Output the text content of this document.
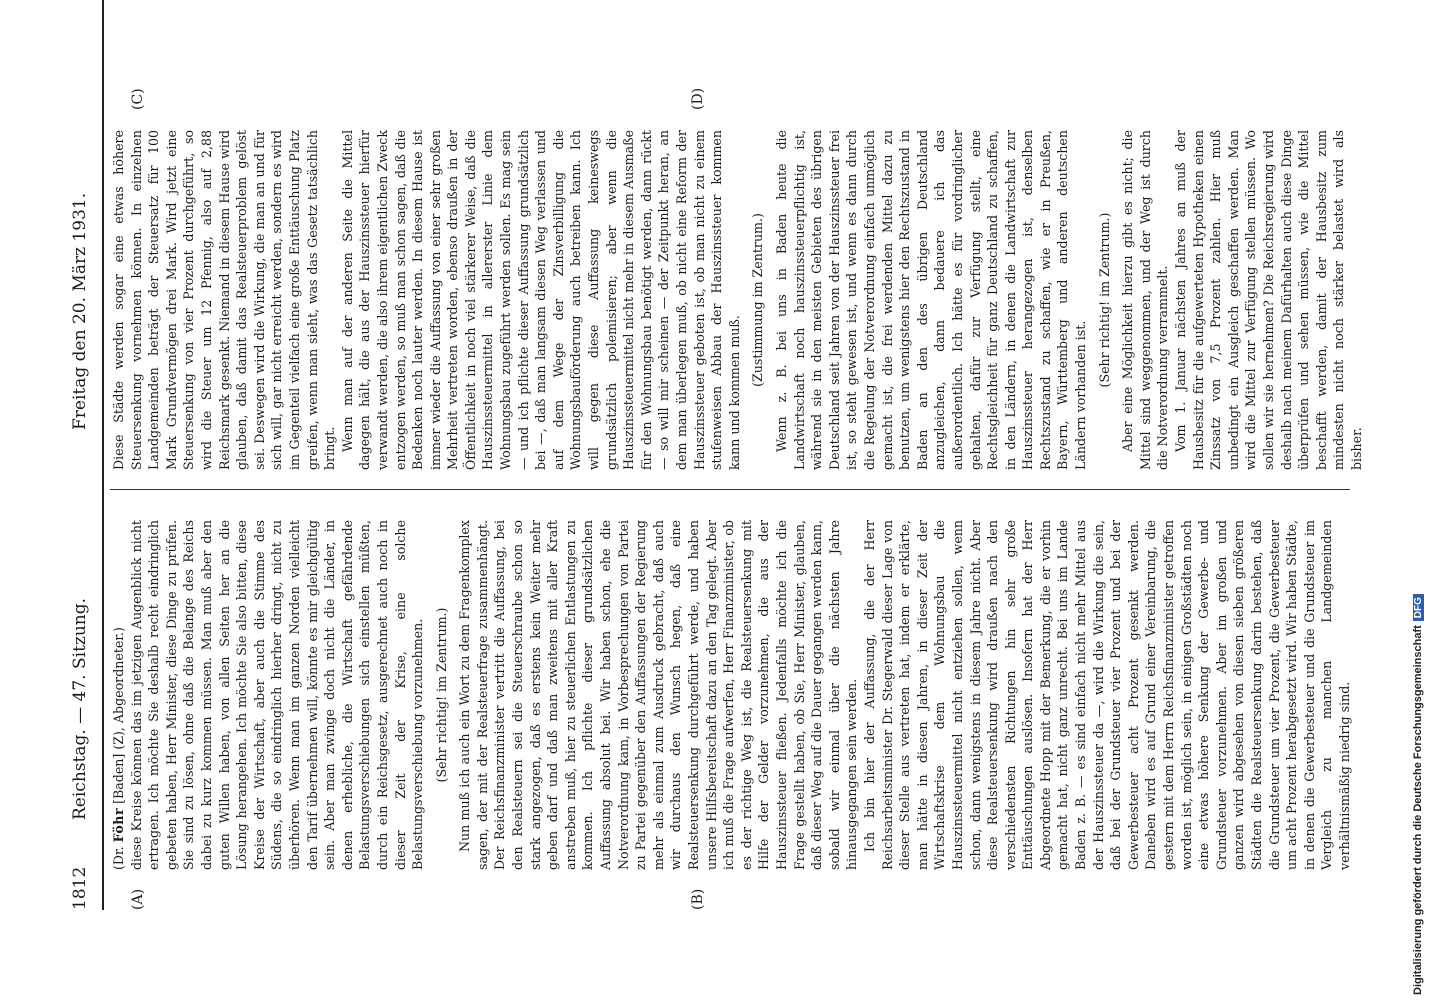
1812
Reichstag. — 47. Sitzung.
Freitag den 20. März 1931.
(A)	(B)
(C)	(D)

(Dr. Föhr [Baden] (Z), Abgeordneter.) diese Kreise können das im jetzigen Augenblick nicht ertragen. Ich möchte Sie deshalb recht eindringlich gebeten haben, Herr Minister, diese Dinge zu prüfen. Sie sind zu lösen, ohne daß die Belange des Reichs dabei zu kurz kommen müssen. Man muß aber den guten Willen haben, von allen Seiten her an die Lösung herangehen. Ich möchte Sie also bitten, diese Kreise der Wirtschaft, aber auch die Stimme des Südens, die so eindringlich hierher dringt, nicht zu überhören. Wenn man im ganzen Norden vielleicht den Tarif übernehmen will, könnte es mir gleichgültig sein. Aber man zwinge doch nicht die Länder, in denen erhebliche, die Wirtschaft gefährdende Belastungsverschiebungen sich einstellen müßten, durch ein Reichsgesetz, ausgerechnet auch noch in dieser Zeit der Krise, eine solche Belastungsverschiebung vorzunehmen. (Sehr richtig! im Zentrum.) Nun muß ich auch ein Wort zu dem Fragenkomplex sagen, der mit der Realsteuerfrage zusammenhängt. Der Reichsfinanzminister vertritt die Auffassung, bei den Realsteuern sei die Steuerschraube schon so stark angezogen, daß es erstens kein Weiter mehr geben darf und daß man zweitens mit aller Kraft anstreben muß, hier zu steuerlichen Entlastungen zu kommen. Ich pflichte dieser grundsätzlichen Auffassung absolut bei. Wir haben schon, ehe die Notverordnung kam, in Vorbesprechungen von Partei zu Partei gegenüber den Auffassungen der Regierung mehr als einmal zum Ausdruck gebracht, daß auch wir durchaus den Wunsch hegen, daß eine Realsteuersenkung durchgeführt werde, und haben unsere Hilfsbereitschaft dazu an den Tag gelegt. Aber ich muß die Frage aufwerfen, Herr Finanzminister, ob es der richtige Weg ist, die Realsteuersenkung mit Hilfe der Gelder vorzunehmen, die aus der Hauszinssteuer fließen. Jedenfalls möchte ich die Frage gestellt haben, ob Sie, Herr Minister, glauben, daß dieser Weg auf die Dauer gegangen werden kann, sobald wir einmal über die nächsten Jahre hinausgegangen sein werden. Ich bin hier der Auffassung, die der Herr Reichsarbeitsminister Dr. Stegerwald dieser Lage von dieser Stelle aus vertreten hat, indem er erklärte, man hätte in diesen Jahren, in dieser Zeit der Wirtschaftskrise dem Wohnungsbau die Hauszinssteuermittel nicht entziehen sollen, wenn schon, dann wenigstens in diesem Jahre nicht. Aber diese Realsteuersenkung wird draußen nach den verschiedensten Richtungen hin sehr große Enttäuschungen auslösen. Insofern hat der Herr Abgeordnete Hopp mit der Bemerkung, die er vorhin gemacht hat, nicht ganz unrecht. Bei uns im Lande Baden z. B. — es sind einfach nicht mehr Mittel aus der Hauszinssteuer da —, wird die Wirkung die sein, daß bei der Grundsteuer vier Prozent und bei der Gewerbesteuer acht Prozent gesenkt werden. Daneben wird es auf Grund einer Vereinbarung, die gestern mit dem Herrn Reichsfinanzminister getroffen worden ist, möglich sein, in einigen Großstädten noch eine etwas höhere Senkung der Gewerbe- und Grundsteuer vorzunehmen. Aber im großen und ganzen wird abgesehen von diesen sieben größeren Städten die Realsteuersenkung darin bestehen, daß die Grundsteuer um vier Prozent, die Gewerbesteuer um acht Prozent herabgesetzt wird. Wir haben Städte, in denen die Gewerbesteuer und die Grundsteuer im Vergleich zu manchen Landgemeinden verhältnismäßig niedrig sind.

Diese Städte werden sogar eine etwas höhere Steuersenkung vornehmen können. In einzelnen Landgemeinden beträgt der Steuersatz für 100 Mark Grundvermögen drei Mark. Wird jetzt eine Steuersenkung von vier Prozent durchgeführt, so wird die Steuer um 12 Pfennig, also auf 2,88 Reichsmark gesenkt. Niemand in diesem Hause wird glauben, daß damit das Realsteuerproblem gelöst sei. Deswegen wird die Wirkung, die man an und für sich will, gar nicht erreicht werden, sondern es wird im Gegenteil vielfach eine große Enttäuschung Platz greifen, wenn man sieht, was das Gesetz tatsächlich bringt. Wenn man auf der anderen Seite die Mittel dagegen hält, die aus der Hauszinssteuer hierfür verwandt werden, die also ihrem eigentlichen Zweck entzogen werden, so muß man schon sagen, daß die Bedenken noch lauter werden. In diesem Hause ist immer wieder die Auffassung von einer sehr großen Mehrheit vertreten worden, ebenso draußen in der Öffentlichkeit in noch viel stärkerer Weise, daß die Hauszinssteuermittel in allererster Linie dem Wohnungsbau zugeführt werden sollen. Es mag sein — und ich pflichte dieser Auffassung grundsätzlich bei —, daß man langsam diesen Weg verlassen und auf dem Wege der Zinsverbilligung die Wohnungsbauförderung auch betreiben kann. Ich will gegen diese Auffassung keineswegs grundsätzlich polemisieren; aber wenn die Hauszinssteuermittel nicht mehr in diesem Ausmaße für den Wohnungsbau benötigt werden, dann rückt — so will mir scheinen — der Zeitpunkt heran, an dem man überlegen muß, ob nicht eine Reform der Hauszinssteuer geboten ist, ob man nicht zu einem stufenweisen Abbau der Hauszinssteuer kommen kann und kommen muß.

(Zustimmung im Zentrum.) Wenn z. B. bei uns in Baden heute die Landwirtschaft noch hauszinssteuerpflichtig ist, während sie in den meisten Gebieten des übrigen Deutschland seit Jahren von der Hauszinssteuer frei ist, so steht gewesen ist, und wenn es dann durch die Regelung der Notverordnung einfach unmöglich gemacht ist, die frei werdenden Mittel dazu zu benutzen, um wenigstens hier den Rechtszustand in Baden an den des übrigen Deutschland anzugleichen, dann bedauere ich das außerordentlich. Ich hätte es für vordringlicher gehalten, dafür zur Verfügung stellt, eine Rechtsgleichheit für ganz Deutschland zu schaffen, in den Ländern, in denen die Landwirtschaft zur Hauszinssteuer herangezogen ist, denselben Rechtszustand zu schaffen, wie er in Preußen, Bayern, Württemberg und anderen deutschen Ländern vorhanden ist.

(Sehr richtig! im Zentrum.) Aber eine Möglichkeit hierzu gibt es nicht; die Mittel sind weggenommen, und der Weg ist durch die Notverordnung verrammelt. Vom 1. Januar nächsten Jahres an muß der Hausbesitz für die aufgewerteten Hypotheken einen Zinssatz von 7,5 Prozent zahlen. Hier muß unbedingt ein Ausgleich geschaffen werden. Man wird die Mittel zur Verfügung stellen müssen. Wo sollen wir sie hernehmen? Die Reichsregierung wird deshalb nach meinem Dafürhalten auch diese Dinge überprüfen und sehen müssen, wie die Mittel beschafft werden, damit der Hausbesitz zum mindesten nicht noch stärker belastet wird als bisher.

Digitalisierung gefördert durch die Deutsche ForschungsgemeinschaftDFG
